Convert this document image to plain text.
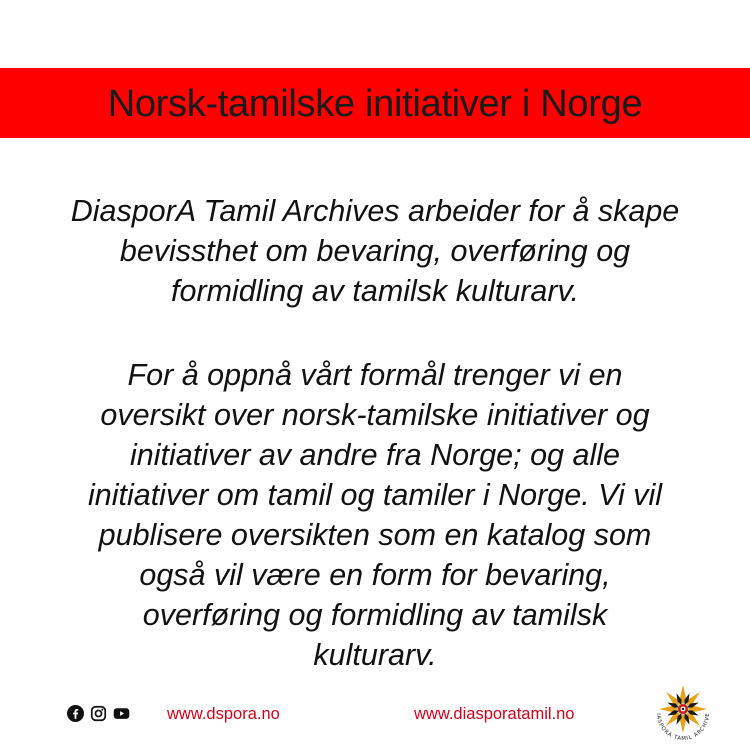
Norsk-tamilske initiativer i Norge

DiasporA Tamil Archives arbeider for å skape
bevissthet om bevaring, overføring og
formidling av tamilsk kulturarv.

For å oppnå vårt formål trenger vi en
oversikt over norsk-tamilske initiativer og
initiativer av andre fra Norge; og alle
initiativer om tamil og tamiler i Norge. Vi vil
publisere oversikten som en katalog som
også vil være en form for bevaring,
overføring og formidling av tamilsk
kulturarv.

www.dspora.no	www.diasporatamil.no	IASPORA TAMIL ARCHIVE
